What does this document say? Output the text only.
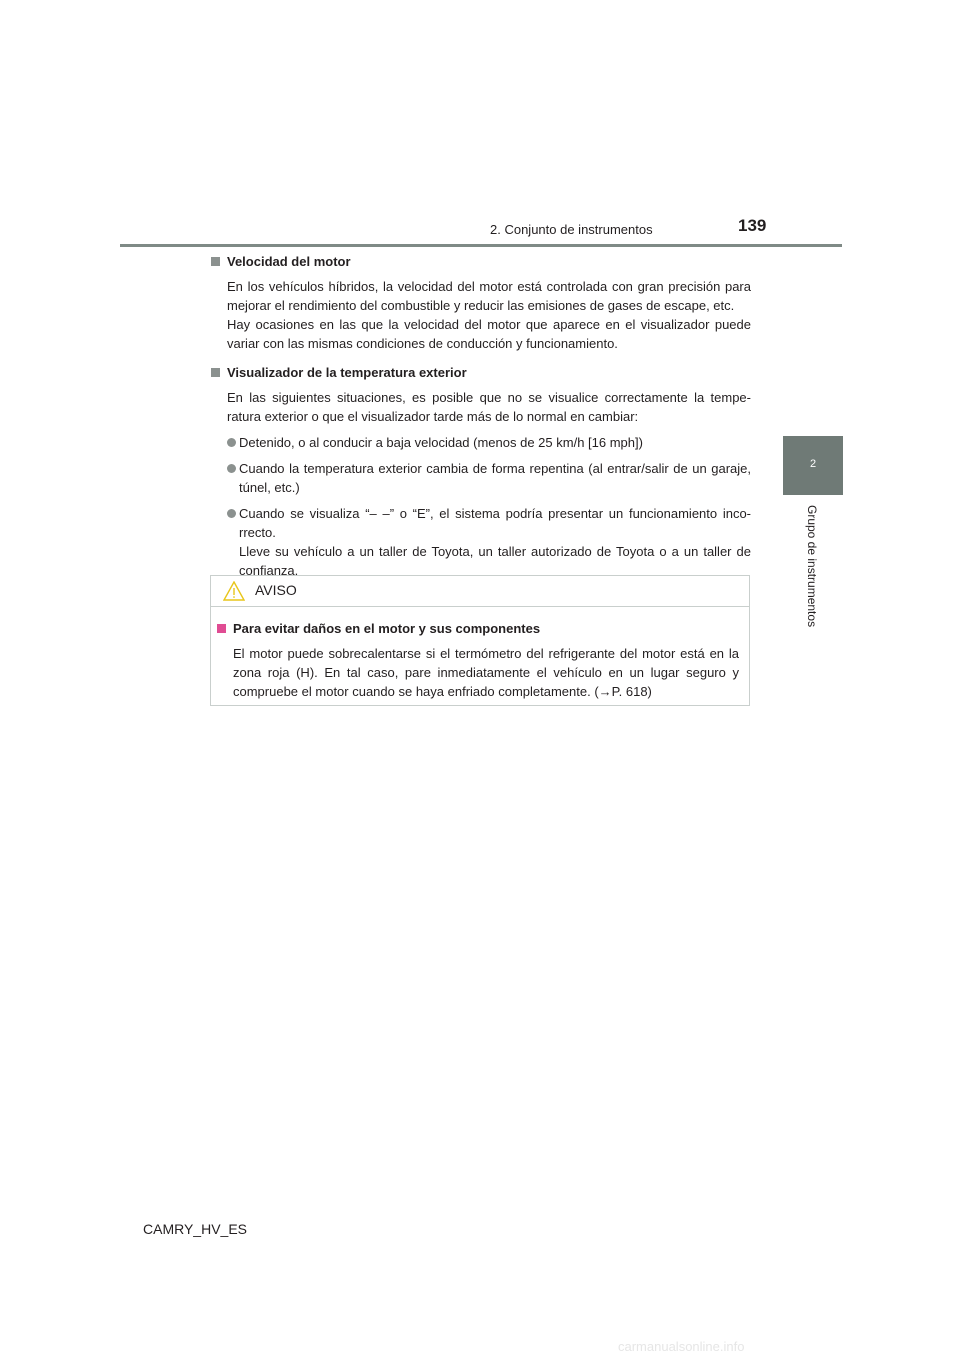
2. Conjunto de instrumentos	139
2
Grupo de instrumentos

Velocidad del motor

En los vehículos híbridos, la velocidad del motor está controlada con gran precisión para mejorar el rendimiento del combustible y reducir las emisiones de gases de escape, etc.
Hay ocasiones en las que la velocidad del motor que aparece en el visualizador puede variar con las mismas condiciones de conducción y funcionamiento.

Visualizador de la temperatura exterior

En las siguientes situaciones, es posible que no se visualice correctamente la tempe-ratura exterior o que el visualizador tarde más de lo normal en cambiar:
Detenido, o al conducir a baja velocidad (menos de 25 km/h [16 mph])
Cuando la temperatura exterior cambia de forma repentina (al entrar/salir de un garaje, túnel, etc.)
Cuando se visualiza “– –” o “E”, el sistema podría presentar un funcionamiento inco-rrecto.
Lleve su vehículo a un taller de Toyota, un taller autorizado de Toyota o a un taller de confianza.
AVISO

Para evitar daños en el motor y sus componentes

El motor puede sobrecalentarse si el termómetro del refrigerante del motor está en la zona roja (H). En tal caso, pare inmediatamente el vehículo en un lugar seguro y compruebe el motor cuando se haya enfriado completamente. (→P. 618)
CAMRY_HV_ES
carmanualsonline.info
